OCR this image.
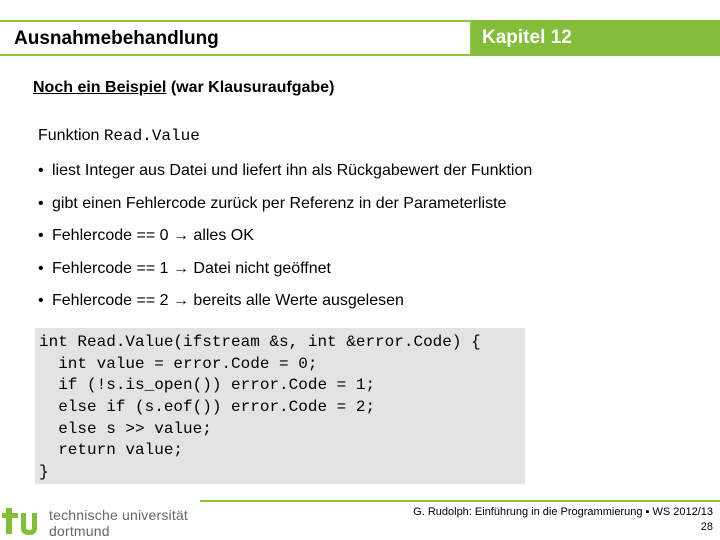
Ausnahmebehandlung	Kapitel 12
Noch ein Beispiel (war Klausuraufgabe)
Funktion Read.Value
• liest Integer aus Datei und liefert ihn als Rückgabewert der Funktion
• gibt einen Fehlercode zurück per Referenz in der Parameterliste
• Fehlercode == 0 → alles OK
• Fehlercode == 1 → Datei nicht geöffnet
• Fehlercode == 2 → bereits alle Werte ausgelesen
int Read.Value(ifstream &s, int &error.Code) {
int value = error.Code = 0;
if (!s.is_open()) error.Code = 1;
else if (s.eof()) error.Code = 2;
else s >> value;
return value;
}
technische universität
dortmund
G. Rudolph: Einführung in die Programmierung ▪ WS 2012/13
28
